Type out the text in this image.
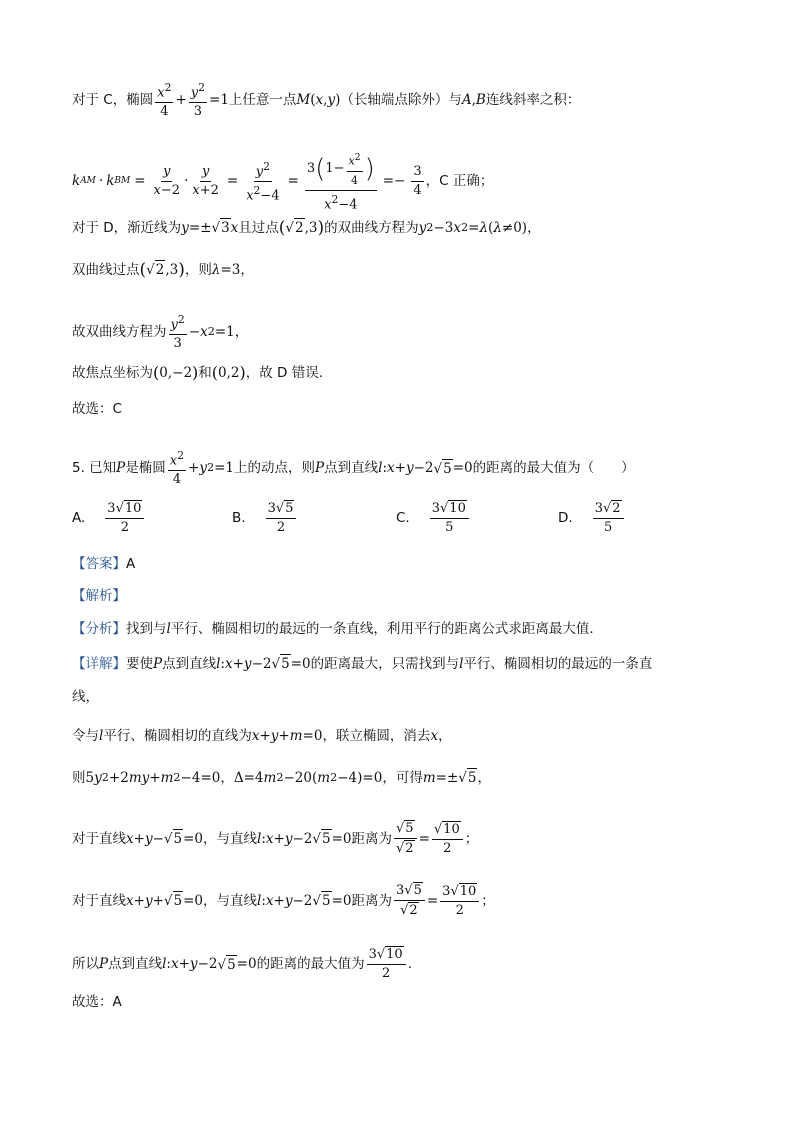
对于 C，椭圆 $\frac{x^2}{4} + \frac{y^2}{3} =1$ 上任意一点 M ( x , y ) （长轴端点除外）与 A , B 连线斜率之积：
k AM · k BM = $\frac{y}{x-2} \cdot \frac{y}{x+2} = \frac{y^2}{x^2-4} = \frac{3 ( 1- \frac{x^2}{4} )}{x^2-4} =- \frac{3}{4}$ ，C 正确；
对于 D，渐近线为 y =± √ 3 x 且过点 ( √ 2,3 ) 的双曲线方程为 y 2 −3 x 2 = λ ( λ ≠0) ，
双曲线过点 ( √ 2,3 ) ，则 λ =3 ，
故双曲线方程为 $\frac{y^2}{3} - x$ 2 =1 ，
故焦点坐标为 ( 0,−2 ) 和 ( 0,2 ) ，故 D 错误.
故选：C
5. 已知 P 是椭圆 $\frac{x^2}{4} + y$ 2 =1 上的动点，则 P 点到直线 l : x + y −2 √ 5 =0 的距离的最大值为（　　）
A. $\frac{3 √ 10}{2}$	B. $\frac{3 √ 5}{2}$	C. $\frac{3 √ 10}{5}$	D. $\frac{3 √ 2}{5}$
【答案】 A
【解析】
【分析】 找到与 l 平行、椭圆相切的最远的一条直线，利用平行的距离公式求距离最大值.
【详解】 要使 P 点到直线 l : x + y −2 √ 5 =0 的距离最大，只需找到与 l 平行、椭圆相切的最远的一条直
线，
令与 l 平行、椭圆相切的直线为 x + y + m =0 ，联立椭圆，消去 x ，
则 5 y 2 +2 my + m 2 −4=0 ， Δ=4 m 2 −20( m 2 −4)=0 ，可得 m =± √ 5 ，
对于直线 x + y − √ 5 =0 ，与直线 l : x + y −2 √ 5 =0 距离为 √ 5
√ 2 = √ $\frac{10}{2}$ ；
对于直线 x + y + √ 5 =0 ，与直线 l : x + y −2 √ 5 =0 距离为 3 √ 5
√ $2 = \frac{3 √ 10}{2}$ ；
所以 P 点到直线 l : x + y −2 √ 5 =0 的距离的最大值为 $\frac{3 √ 10}{2}$ .
故选：A
